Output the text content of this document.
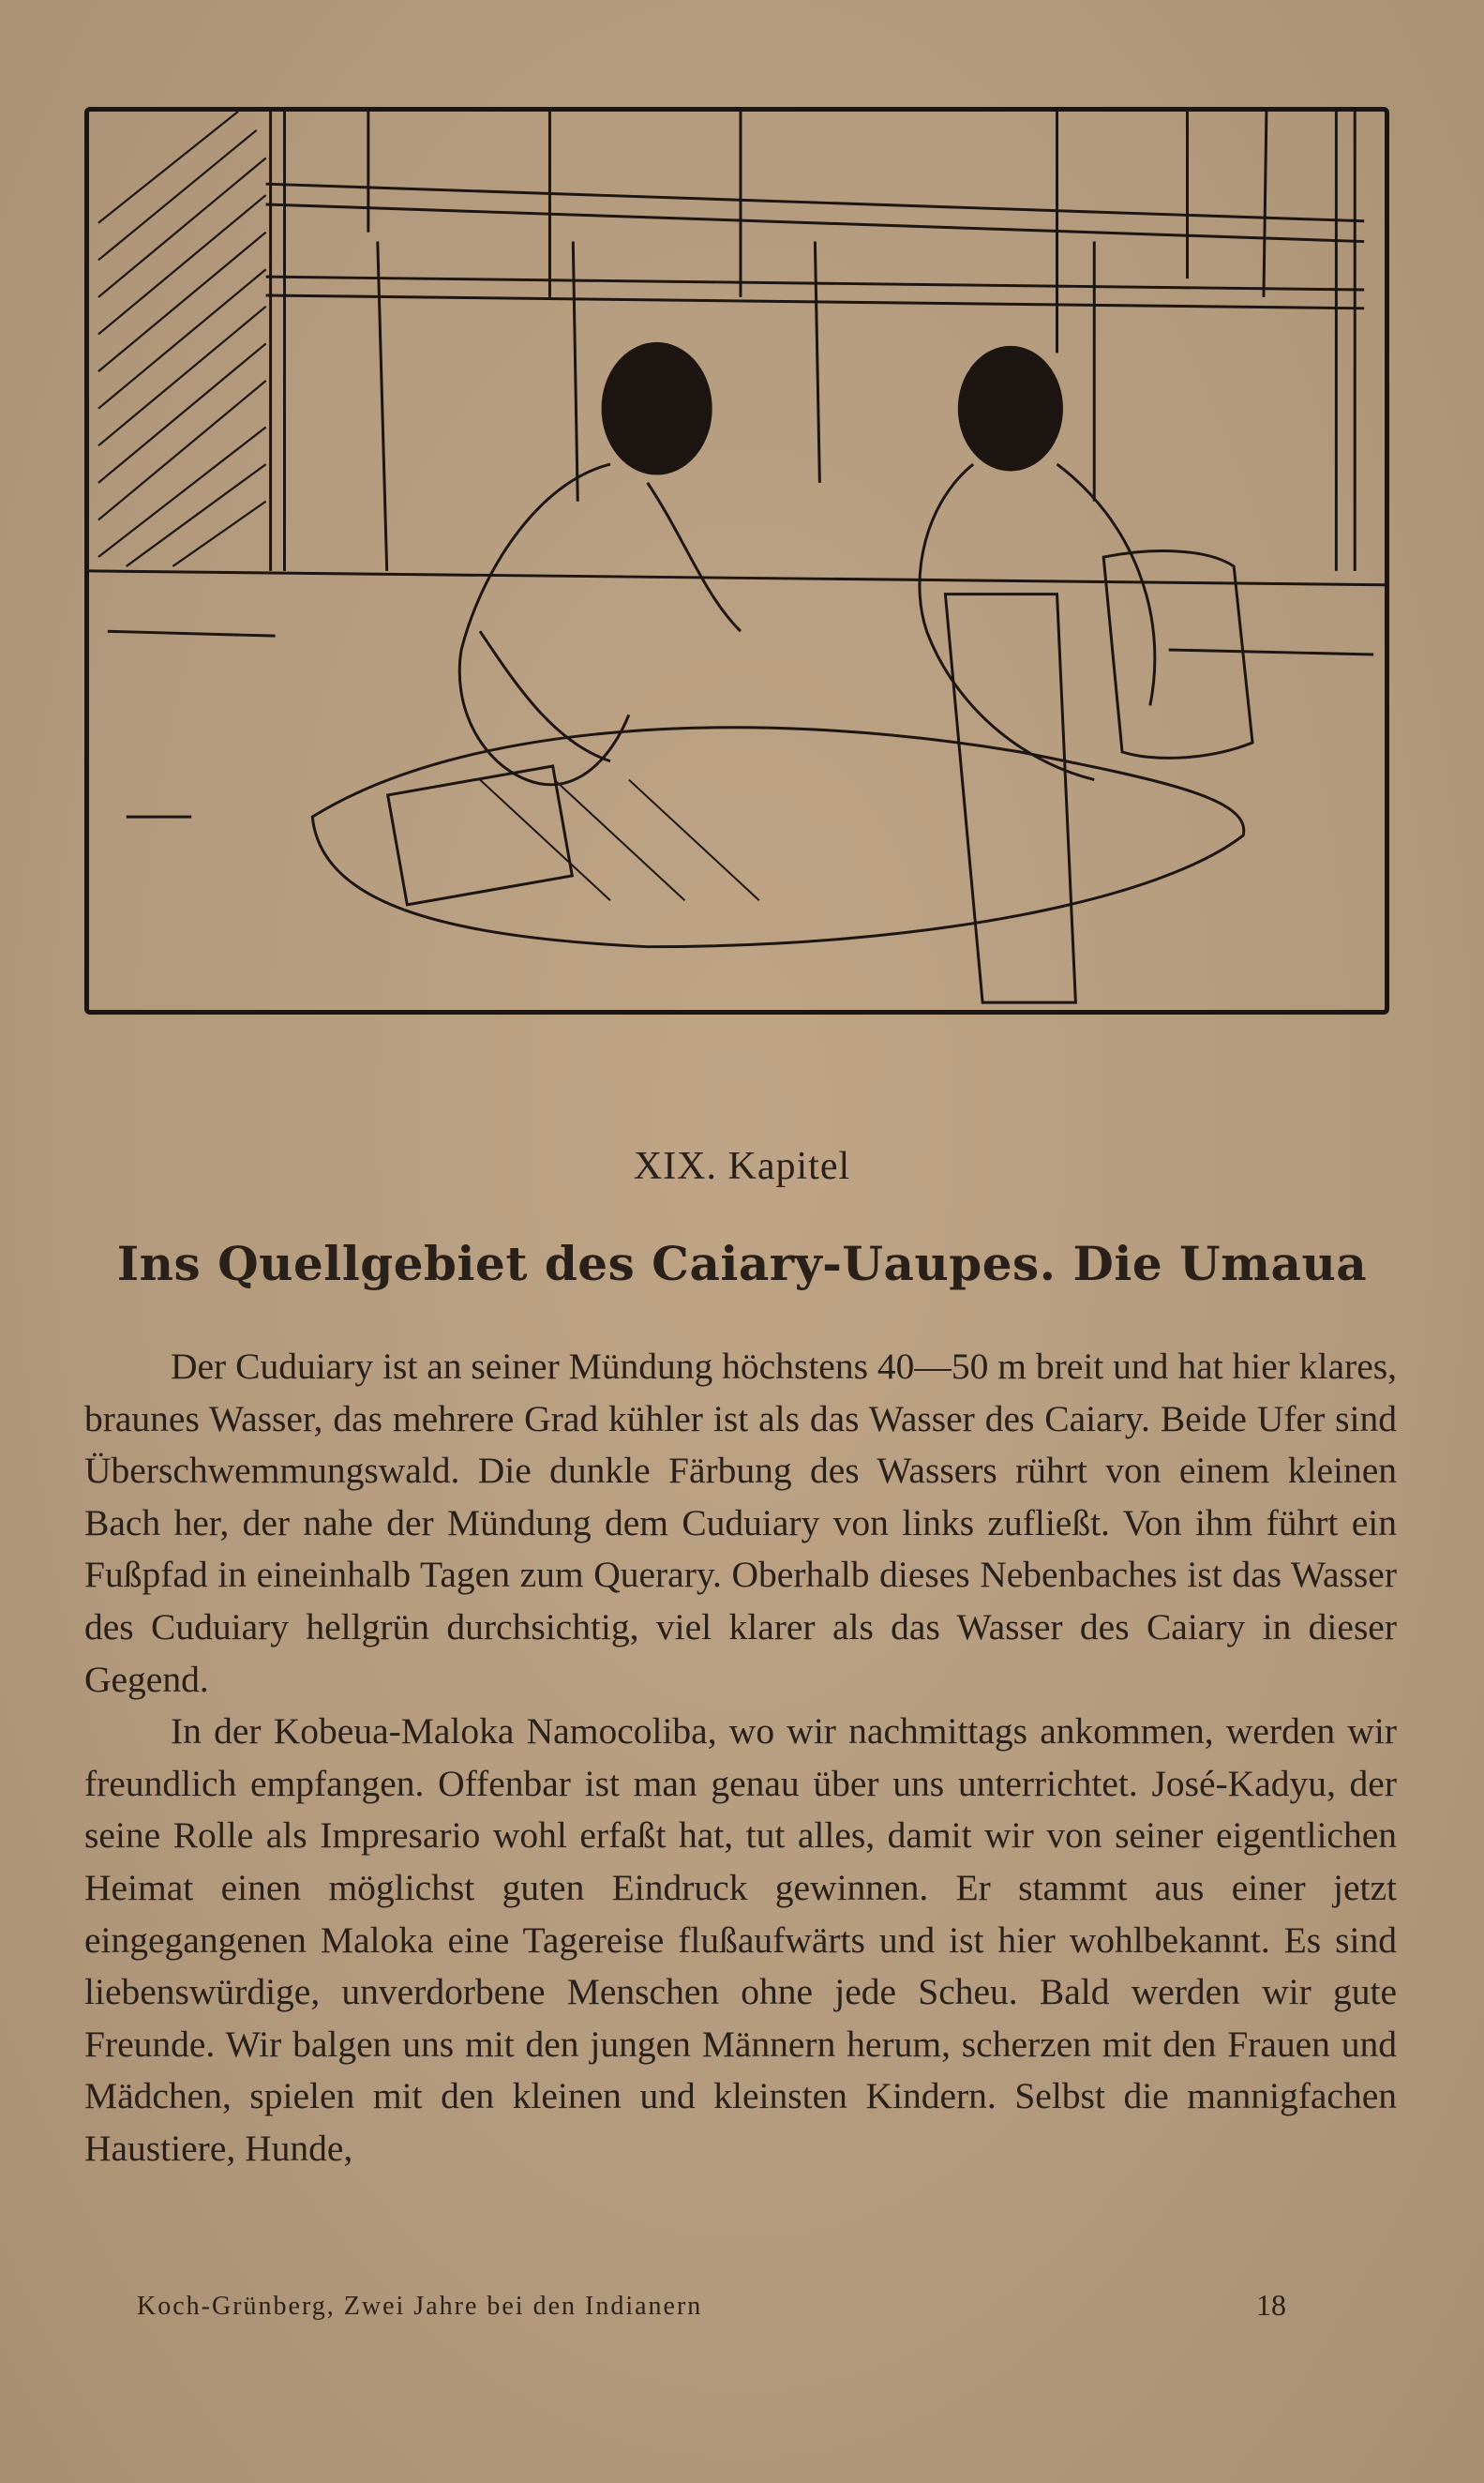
XIX. Kapitel
Ins Quellgebiet des Caiary-Uaupes. Die Umaua

Der Cuduiary ist an seiner Mündung höchstens 40—50 m breit und hat hier klares, braunes Wasser, das mehrere Grad kühler ist als das Wasser des Caiary. Beide Ufer sind Überschwemmungswald. Die dunkle Färbung des Wassers rührt von einem kleinen Bach her, der nahe der Mündung dem Cuduiary von links zufließt. Von ihm führt ein Fußpfad in eineinhalb Tagen zum Querary. Oberhalb dieses Nebenbaches ist das Wasser des Cuduiary hellgrün durchsichtig, viel klarer als das Wasser des Caiary in dieser Gegend.

In der Kobeua-Maloka Namocoliba, wo wir nachmittags ankommen, werden wir freundlich empfangen. Offenbar ist man genau über uns unterrichtet. José-Kadyu, der seine Rolle als Impresario wohl erfaßt hat, tut alles, damit wir von seiner eigentlichen Heimat einen möglichst guten Eindruck gewinnen. Er stammt aus einer jetzt eingegangenen Maloka eine Tagereise flußaufwärts und ist hier wohlbekannt. Es sind liebenswürdige, unverdorbene Menschen ohne jede Scheu. Bald werden wir gute Freunde. Wir balgen uns mit den jungen Männern herum, scherzen mit den Frauen und Mädchen, spielen mit den kleinen und kleinsten Kindern. Selbst die mannigfachen Haustiere, Hunde,

Koch-Grünberg, Zwei Jahre bei den Indianern	18
